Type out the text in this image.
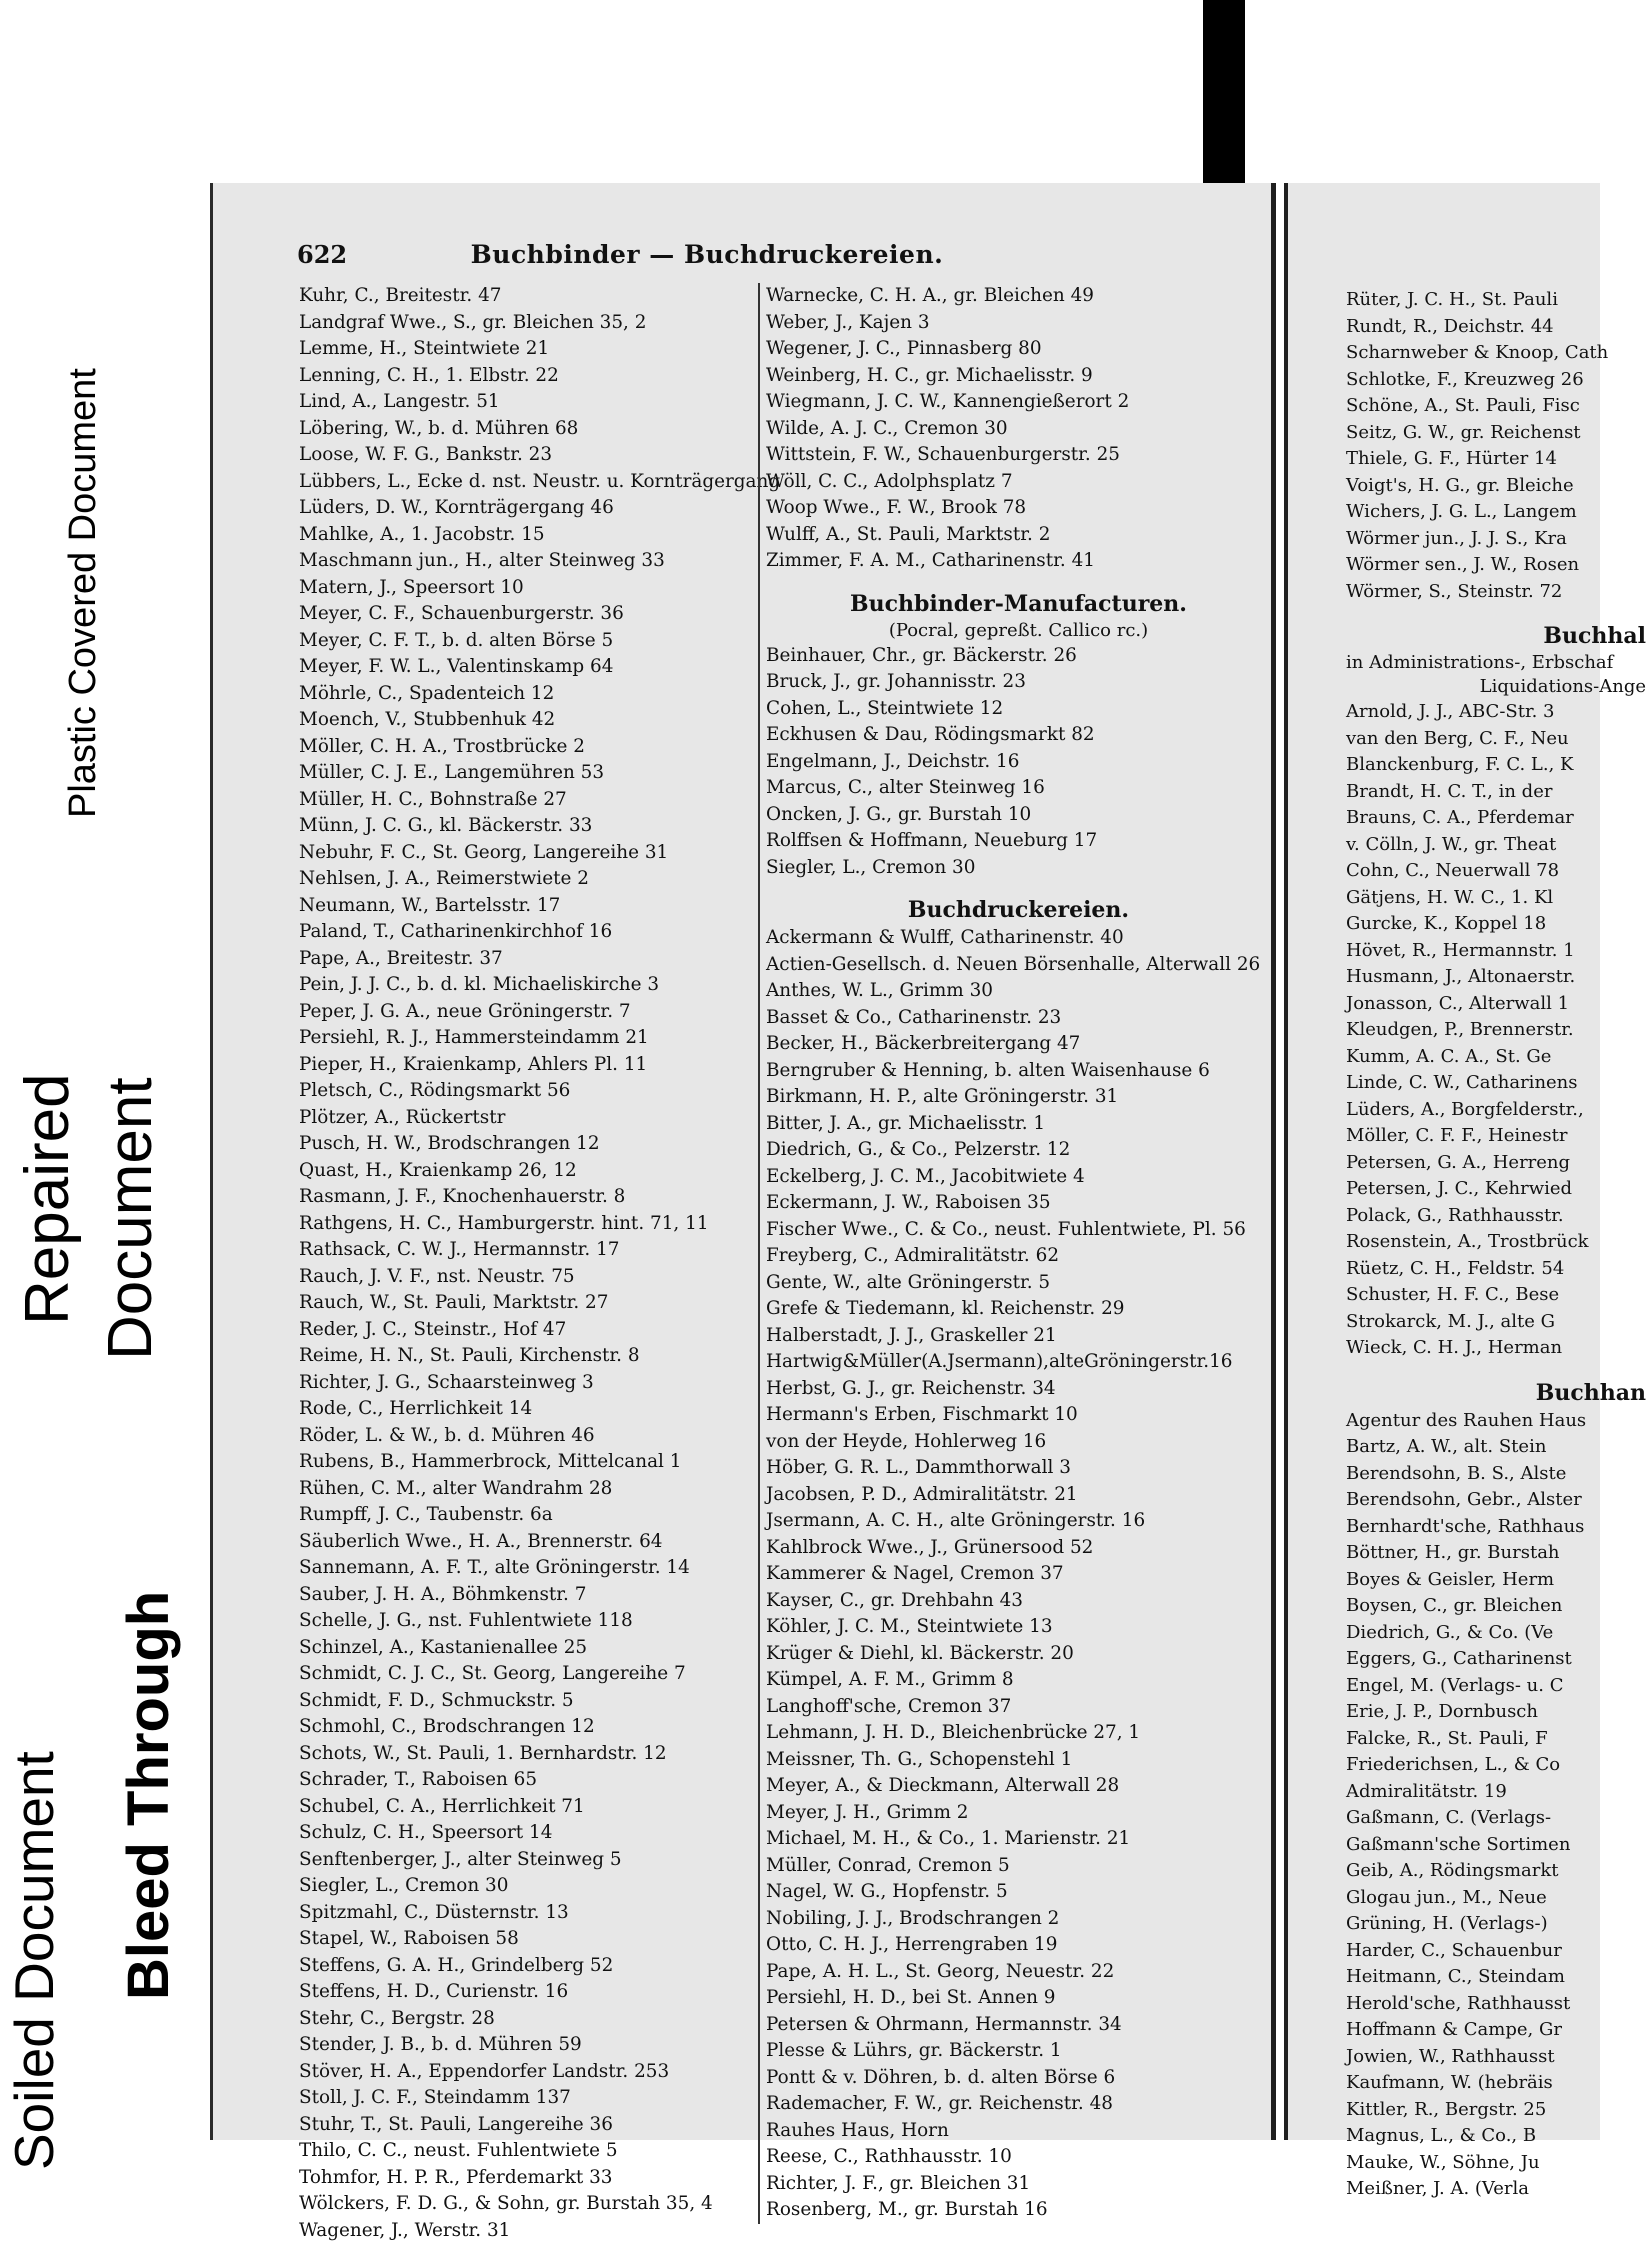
Plastic Covered Document
Repaired Document
Soiled Document Bleed Through
622	Buchbinder — Buchdruckereien.
Kuhr, C., Breitestr. 47
Landgraf Wwe., S., gr. Bleichen 35, 2
Lemme, H., Steintwiete 21
Lenning, C. H., 1. Elbstr. 22
Lind, A., Langestr. 51
Löbering, W., b. d. Mühren 68
Loose, W. F. G., Bankstr. 23
Lübbers, L., Ecke d. nst. Neustr. u. Kornträgergang
Lüders, D. W., Kornträgergang 46
Mahlke, A., 1. Jacobstr. 15
Maschmann jun., H., alter Steinweg 33
Matern, J., Speersort 10
Meyer, C. F., Schauenburgerstr. 36
Meyer, C. F. T., b. d. alten Börse 5
Meyer, F. W. L., Valentinskamp 64
Möhrle, C., Spadenteich 12
Moench, V., Stubbenhuk 42
Möller, C. H. A., Trostbrücke 2
Müller, C. J. E., Langemühren 53
Müller, H. C., Bohnstraße 27
Münn, J. C. G., kl. Bäckerstr. 33
Nebuhr, F. C., St. Georg, Langereihe 31
Nehlsen, J. A., Reimerstwiete 2
Neumann, W., Bartelsstr. 17
Paland, T., Catharinenkirchhof 16
Pape, A., Breitestr. 37
Pein, J. J. C., b. d. kl. Michaeliskirche 3
Peper, J. G. A., neue Gröningerstr. 7
Persiehl, R. J., Hammersteindamm 21
Pieper, H., Kraienkamp, Ahlers Pl. 11
Pletsch, C., Rödingsmarkt 56
Plötzer, A., Rückertstr
Pusch, H. W., Brodschrangen 12
Quast, H., Kraienkamp 26, 12
Rasmann, J. F., Knochenhauerstr. 8
Rathgens, H. C., Hamburgerstr. hint. 71, 11
Rathsack, C. W. J., Hermannstr. 17
Rauch, J. V. F., nst. Neustr. 75
Rauch, W., St. Pauli, Marktstr. 27
Reder, J. C., Steinstr., Hof 47
Reime, H. N., St. Pauli, Kirchenstr. 8
Richter, J. G., Schaarsteinweg 3
Rode, C., Herrlichkeit 14
Röder, L. & W., b. d. Mühren 46
Rubens, B., Hammerbrock, Mittelcanal 1
Rühen, C. M., alter Wandrahm 28
Rumpff, J. C., Taubenstr. 6a
Säuberlich Wwe., H. A., Brennerstr. 64
Sannemann, A. F. T., alte Gröningerstr. 14
Sauber, J. H. A., Böhmkenstr. 7
Schelle, J. G., nst. Fuhlentwiete 118
Schinzel, A., Kastanienallee 25
Schmidt, C. J. C., St. Georg, Langereihe 7
Schmidt, F. D., Schmuckstr. 5
Schmohl, C., Brodschrangen 12
Schots, W., St. Pauli, 1. Bernhardstr. 12
Schrader, T., Raboisen 65
Schubel, C. A., Herrlichkeit 71
Schulz, C. H., Speersort 14
Senftenberger, J., alter Steinweg 5
Siegler, L., Cremon 30
Spitzmahl, C., Düsternstr. 13
Stapel, W., Raboisen 58
Steffens, G. A. H., Grindelberg 52
Steffens, H. D., Curienstr. 16
Stehr, C., Bergstr. 28
Stender, J. B., b. d. Mühren 59
Stöver, H. A., Eppendorfer Landstr. 253
Stoll, J. C. F., Steindamm 137
Stuhr, T., St. Pauli, Langereihe 36
Thilo, C. C., neust. Fuhlentwiete 5
Tohmfor, H. P. R., Pferdemarkt 33
Wölckers, F. D. G., & Sohn, gr. Burstah 35, 4
Wagener, J., Werstr. 31
Warnecke, C. H. A., gr. Bleichen 49
Weber, J., Kajen 3
Wegener, J. C., Pinnasberg 80
Weinberg, H. C., gr. Michaelisstr. 9
Wiegmann, J. C. W., Kannengießerort 2
Wilde, A. J. C., Cremon 30
Wittstein, F. W., Schauenburgerstr. 25
Wöll, C. C., Adolphsplatz 7
Woop Wwe., F. W., Brook 78
Wulff, A., St. Pauli, Marktstr. 2
Zimmer, F. A. M., Catharinenstr. 41
Buchbinder-Manufacturen.
(Pocral, gepreßt. Callico rc.)
Beinhauer, Chr., gr. Bäckerstr. 26
Bruck, J., gr. Johannisstr. 23
Cohen, L., Steintwiete 12
Eckhusen & Dau, Rödingsmarkt 82
Engelmann, J., Deichstr. 16
Marcus, C., alter Steinweg 16
Oncken, J. G., gr. Burstah 10
Rolffsen & Hoffmann, Neueburg 17
Siegler, L., Cremon 30
Buchdruckereien.
Ackermann & Wulff, Catharinenstr. 40
Actien-Gesellsch. d. Neuen Börsenhalle, Alterwall 26
Anthes, W. L., Grimm 30
Basset & Co., Catharinenstr. 23
Becker, H., Bäckerbreitergang 47
Berngruber & Henning, b. alten Waisenhause 6
Birkmann, H. P., alte Gröningerstr. 31
Bitter, J. A., gr. Michaelisstr. 1
Diedrich, G., & Co., Pelzerstr. 12
Eckelberg, J. C. M., Jacobitwiete 4
Eckermann, J. W., Raboisen 35
Fischer Wwe., C. & Co., neust. Fuhlentwiete, Pl. 56
Freyberg, C., Admiralitätstr. 62
Gente, W., alte Gröningerstr. 5
Grefe & Tiedemann, kl. Reichenstr. 29
Halberstadt, J. J., Graskeller 21
Hartwig&Müller(A.Jsermann),alteGröningerstr.16
Herbst, G. J., gr. Reichenstr. 34
Hermann's Erben, Fischmarkt 10
von der Heyde, Hohlerweg 16
Höber, G. R. L., Dammthorwall 3
Jacobsen, P. D., Admiralitätstr. 21
Jsermann, A. C. H., alte Gröningerstr. 16
Kahlbrock Wwe., J., Grünersood 52
Kammerer & Nagel, Cremon 37
Kayser, C., gr. Drehbahn 43
Köhler, J. C. M., Steintwiete 13
Krüger & Diehl, kl. Bäckerstr. 20
Kümpel, A. F. M., Grimm 8
Langhoff'sche, Cremon 37
Lehmann, J. H. D., Bleichenbrücke 27, 1
Meissner, Th. G., Schopenstehl 1
Meyer, A., & Dieckmann, Alterwall 28
Meyer, J. H., Grimm 2
Michael, M. H., & Co., 1. Marienstr. 21
Müller, Conrad, Cremon 5
Nagel, W. G., Hopfenstr. 5
Nobiling, J. J., Brodschrangen 2
Otto, C. H. J., Herrengraben 19
Pape, A. H. L., St. Georg, Neuestr. 22
Persiehl, H. D., bei St. Annen 9
Petersen & Ohrmann, Hermannstr. 34
Plesse & Lührs, gr. Bäckerstr. 1
Pontt & v. Döhren, b. d. alten Börse 6
Rademacher, F. W., gr. Reichenstr. 48
Rauhes Haus, Horn
Reese, C., Rathhausstr. 10
Richter, J. F., gr. Bleichen 31
Rosenberg, M., gr. Burstah 16
Rüter, J. C. H., St. Pauli
Rundt, R., Deichstr. 44
Scharnweber & Knoop, Cath
Schlotke, F., Kreuzweg 26
Schöne, A., St. Pauli, Fisc
Seitz, G. W., gr. Reichenst
Thiele, G. F., Hürter 14
Voigt's, H. G., gr. Bleiche
Wichers, J. G. L., Langem
Wörmer jun., J. J. S., Kra
Wörmer sen., J. W., Rosen
Wörmer, S., Steinstr. 72
Buchhal
in Administrations-, Erbschaf
Liquidations-Ange
Arnold, J. J., ABC-Str. 3
van den Berg, C. F., Neu
Blanckenburg, F. C. L., K
Brandt, H. C. T., in der
Brauns, C. A., Pferdemar
v. Cölln, J. W., gr. Theat
Cohn, C., Neuerwall 78
Gätjens, H. W. C., 1. Kl
Gurcke, K., Koppel 18
Hövet, R., Hermannstr. 1
Husmann, J., Altonaerstr.
Jonasson, C., Alterwall 1
Kleudgen, P., Brennerstr.
Kumm, A. C. A., St. Ge
Linde, C. W., Catharinens
Lüders, A., Borgfelderstr.,
Möller, C. F. F., Heinestr
Petersen, G. A., Herreng
Petersen, J. C., Kehrwied
Polack, G., Rathhausstr.
Rosenstein, A., Trostbrück
Rüetz, C. H., Feldstr. 54
Schuster, H. F. C., Bese
Strokarck, M. J., alte G
Wieck, C. H. J., Herman
Buchhan
Agentur des Rauhen Haus
Bartz, A. W., alt. Stein
Berendsohn, B. S., Alste
Berendsohn, Gebr., Alster
Bernhardt'sche, Rathhaus
Böttner, H., gr. Burstah
Boyes & Geisler, Herm
Boysen, C., gr. Bleichen
Diedrich, G., & Co. (Ve
Eggers, G., Catharinenst
Engel, M. (Verlags- u. C
Erie, J. P., Dornbusch
Falcke, R., St. Pauli, F
Friederichsen, L., & Co
Admiralitätstr. 19
Gaßmann, C. (Verlags-
Gaßmann'sche Sortimen
Geib, A., Rödingsmarkt
Glogau jun., M., Neue
Grüning, H. (Verlags-)
Harder, C., Schauenbur
Heitmann, C., Steindam
Herold'sche, Rathhausst
Hoffmann & Campe, Gr
Jowien, W., Rathhausst
Kaufmann, W. (hebräis
Kittler, R., Bergstr. 25
Magnus, L., & Co., B
Mauke, W., Söhne, Ju
Meißner, J. A. (Verla
